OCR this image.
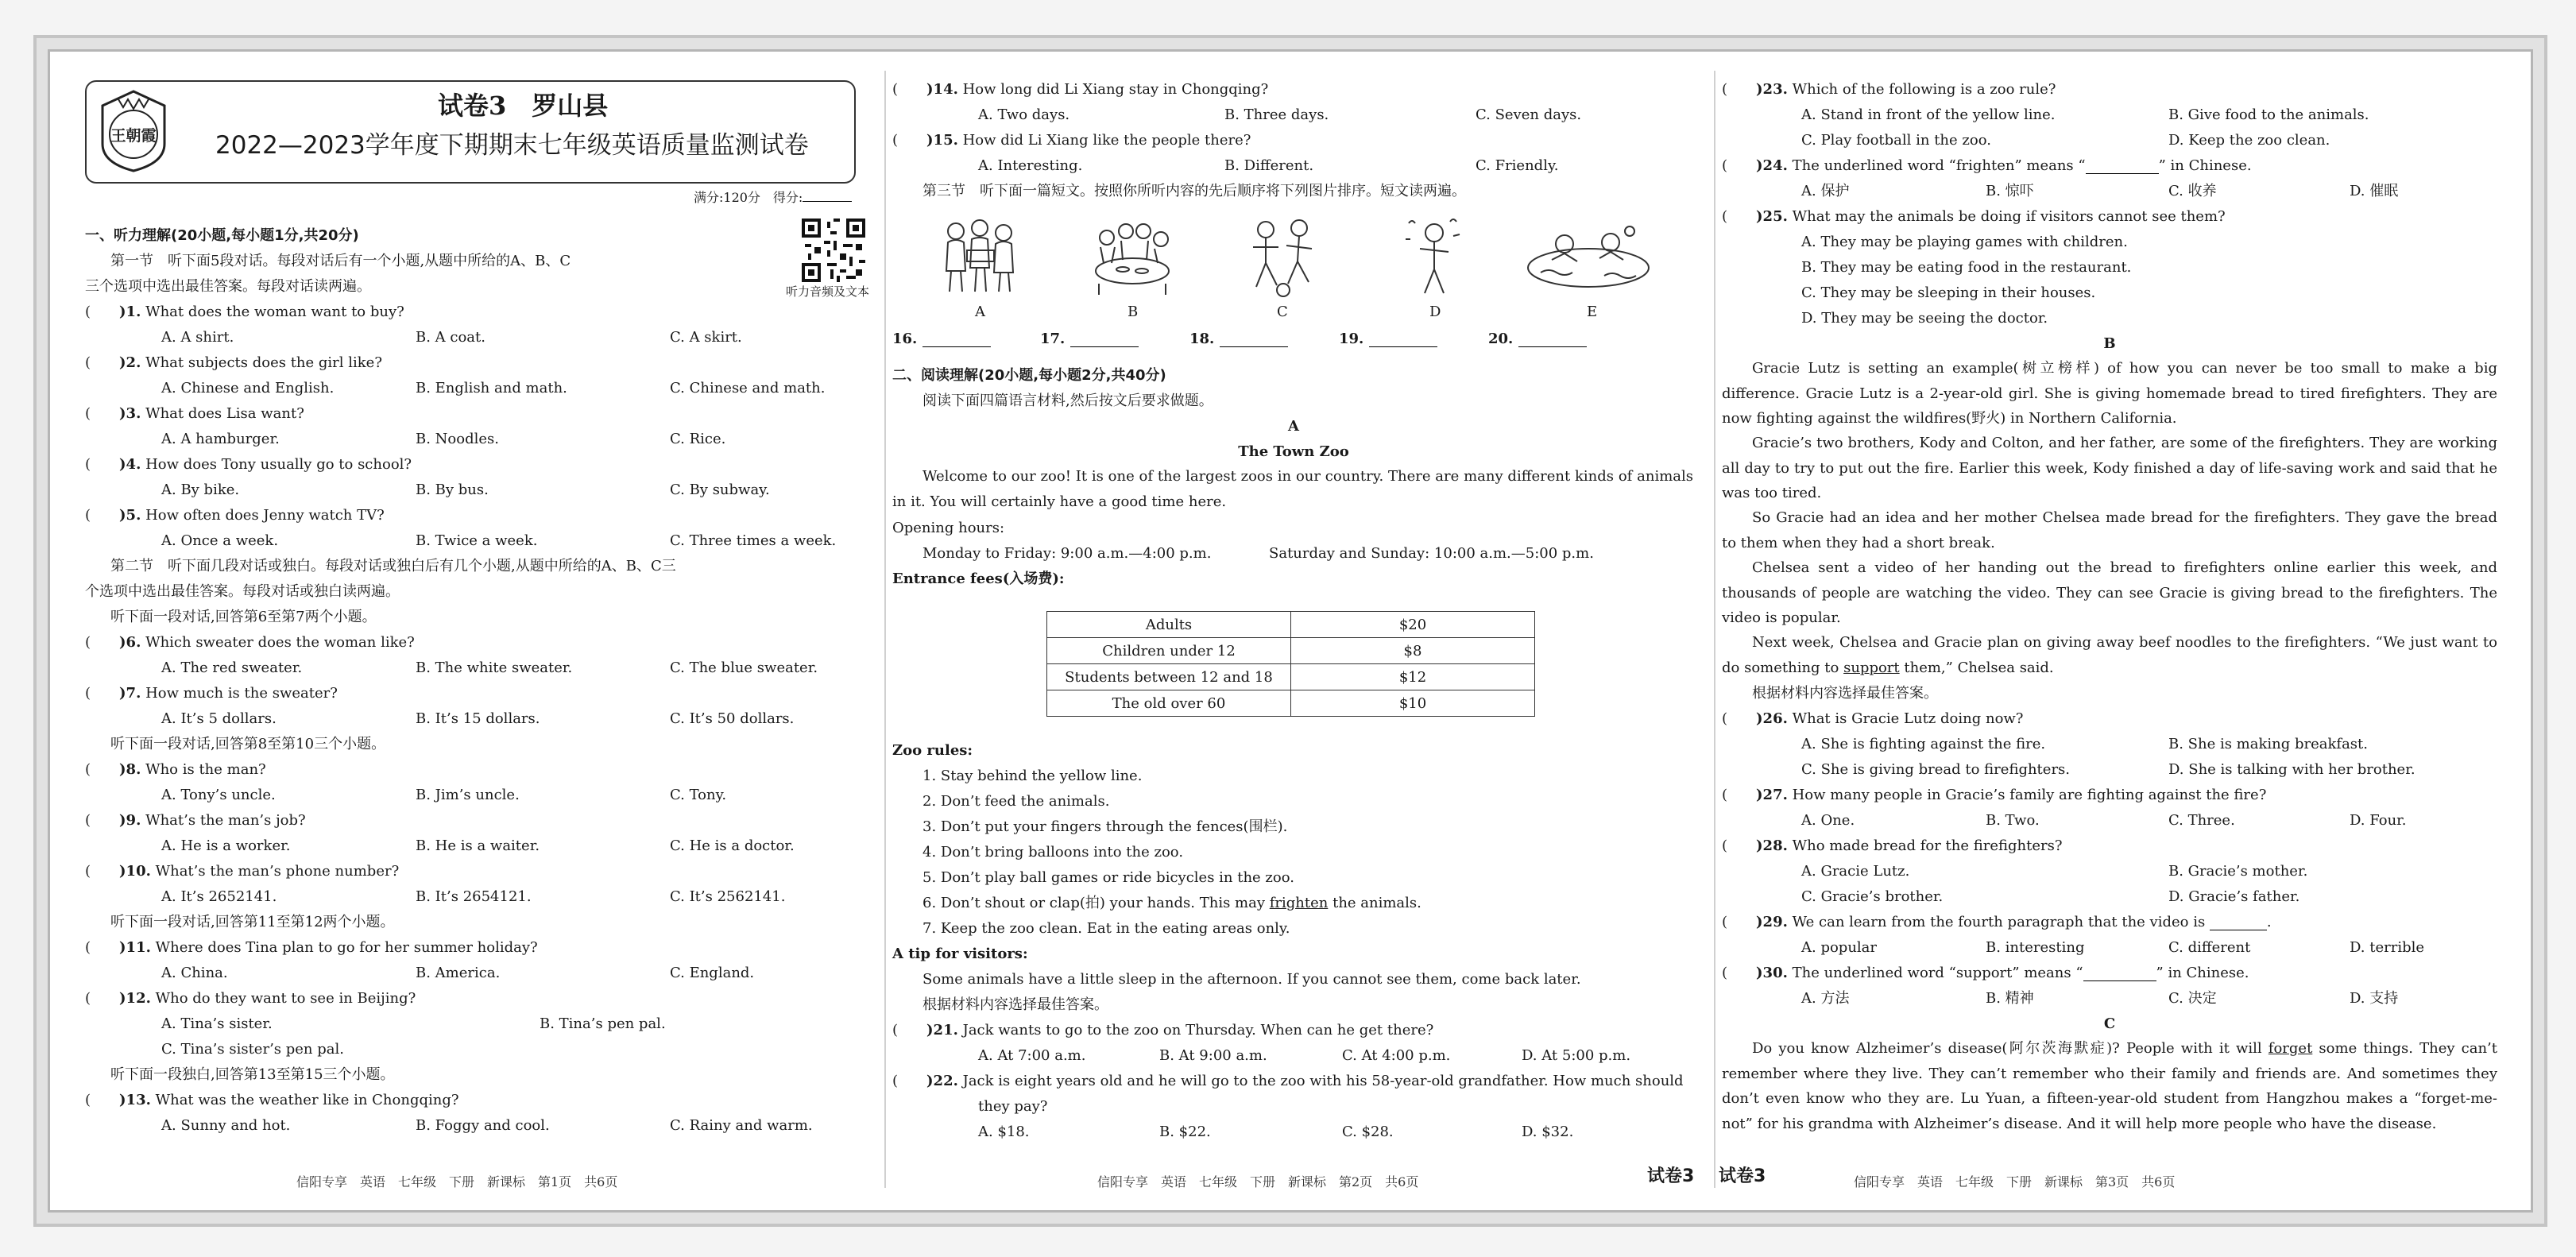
王朝霞
试卷3　 罗山县
2022—2023学年度下期期末七年级英语质量监测试卷
满分:120分　得分:
一、听力理解(20小题,每小题1分,共20分)
听力音频及文本
第一节　听下面5段对话。每段对话后有一个小题,从题中所给的A、B、C
三个选项中选出最佳答案。每段对话读两遍。
(　　)1. What does the woman want to buy?
A. A shirt.	B. A coat.	C. A skirt.
(　　)2. What subjects does the girl like?
A. Chinese and English.	B. English and math.	C. Chinese and math.
(　　)3. What does Lisa want?
A. A hamburger.	B. Noodles.	C. Rice.
(　　)4. How does Tony usually go to school?
A. By bike.	B. By bus.	C. By subway.
(　　)5. How often does Jenny watch TV?
A. Once a week.	B. Twice a week.	C. Three times a week.
第二节　听下面几段对话或独白。每段对话或独白后有几个小题,从题中所给的A、B、C三
个选项中选出最佳答案。每段对话或独白读两遍。
听下面一段对话,回答第6至第7两个小题。
(　　)6. Which sweater does the woman like?
A. The red sweater.	B. The white sweater.	C. The blue sweater.
(　　)7. How much is the sweater?
A. It’s 5 dollars.	B. It’s 15 dollars.	C. It’s 50 dollars.
听下面一段对话,回答第8至第10三个小题。
(　　)8. Who is the man?
A. Tony’s uncle.	B. Jim’s uncle.	C. Tony.
(　　)9. What’s the man’s job?
A. He is a worker.	B. He is a waiter.	C. He is a doctor.
(　　)10. What’s the man’s phone number?
A. It’s 2652141.	B. It’s 2654121.	C. It’s 2562141.
听下面一段对话,回答第11至第12两个小题。
(　　)11. Where does Tina plan to go for her summer holiday?
A. China.	B. America.	C. England.
(　　)12. Who do they want to see in Beijing?
A. Tina’s sister.	B. Tina’s pen pal.
C. Tina’s sister’s pen pal.
听下面一段独白,回答第13至第15三个小题。
(　　)13. What was the weather like in Chongqing?
A. Sunny and hot.	B. Foggy and cool.	C. Rainy and warm.
信阳专享　英语　七年级　下册　新课标　第1页　共6页
(　　)14. How long did Li Xiang stay in Chongqing?
A. Two days.	B. Three days.	C. Seven days.
(　　)15. How did Li Xiang like the people there?
A. Interesting.	B. Different.	C. Friendly.
第三节　听下面一篇短文。按照你所听内容的先后顺序将下列图片排序。短文读两遍。
A	B	C	D	E
16.	17.	18.	19.	20.
二、阅读理解(20小题,每小题2分,共40分)
阅读下面四篇语言材料,然后按文后要求做题。
A
The Town Zoo

Welcome to our zoo! It is one of the largest zoos in our country. There are many different kinds of animals in it. You will certainly have a good time here.

Opening hours:
Monday to Friday: 9:00 a.m.—4:00 p.m.	Saturday and Sunday: 10:00 a.m.—5:00 p.m.
Entrance fees(入场费):
Adults	$20
Children under 12	$8
Students between 12 and 18	$12
The old over 60	$10
Zoo rules:
1. Stay behind the yellow line.
2. Don’t feed the animals.
3. Don’t put your fingers through the fences(围栏).
4. Don’t bring balloons into the zoo.
5. Don’t play ball games or ride bicycles in the zoo.
6. Don’t shout or clap(拍) your hands. This may frighten the animals.
7. Keep the zoo clean. Eat in the eating areas only.
A tip for visitors:
Some animals have a little sleep in the afternoon. If you cannot see them, come back later.
根据材料内容选择最佳答案。
(　　)21. Jack wants to go to the zoo on Thursday. When can he get there?
A. At 7:00 a.m.	B. At 9:00 a.m.	C. At 4:00 p.m.	D. At 5:00 p.m.
(　　)22. Jack is eight years old and he will go to the zoo with his 58-year-old grandfather. How much should
they pay?
A. $18.	B. $22.	C. $28.	D. $32.
信阳专享　英语　七年级　下册　新课标　第2页　共6页	试卷3
(　　)23. Which of the following is a zoo rule?
A. Stand in front of the yellow line.	B. Give food to the animals.
C. Play football in the zoo.	D. Keep the zoo clean.
(　　)24. The underlined word “frighten” means “	” in Chinese.
A. 保护	B. 惊吓	C. 收养	D. 催眠
(　　)25. What may the animals be doing if visitors cannot see them?
A. They may be playing games with children.
B. They may be eating food in the restaurant.
C. They may be sleeping in their houses.
D. They may be seeing the doctor.
B

Gracie Lutz is setting an example(树立榜样) of how you can never be too small to make a big difference. Gracie Lutz is a 2-year-old girl. She is giving homemade bread to tired firefighters. They are now fighting against the wildfires(野火) in Northern California.

Gracie’s two brothers, Kody and Colton, and her father, are some of the firefighters. They are working all day to try to put out the fire. Earlier this week, Kody finished a day of life-saving work and said that he was too tired.

So Gracie had an idea and her mother Chelsea made bread for the firefighters. They gave the bread to them when they had a short break.

Chelsea sent a video of her handing out the bread to firefighters online earlier this week, and thousands of people are watching the video. They can see Gracie is giving bread to the firefighters. The video is popular.

Next week, Chelsea and Gracie plan on giving away beef noodles to the firefighters. “We just want to do something to support them,” Chelsea said.

根据材料内容选择最佳答案。
(　　)26. What is Gracie Lutz doing now?
A. She is fighting against the fire.	B. She is making breakfast.
C. She is giving bread to firefighters.	D. She is talking with her brother.
(　　)27. How many people in Gracie’s family are fighting against the fire?
A. One.	B. Two.	C. Three.	D. Four.
(　　)28. Who made bread for the firefighters?
A. Gracie Lutz.	B. Gracie’s mother.
C. Gracie’s brother.	D. Gracie’s father.
(　　)29. We can learn from the fourth paragraph that the video is	.
A. popular	B. interesting	C. different	D. terrible
(　　)30. The underlined word “support” means “	” in Chinese.
A. 方法	B. 精神	C. 决定	D. 支持
C

Do you know Alzheimer’s disease(阿尔茨海默症)? People with it will forget some things. They can’t remember where they live. They can’t remember who their family and friends are. And sometimes they don’t even know who they are. Lu Yuan, a fifteen-year-old student from Hangzhou makes a “forget-me-not” for his grandma with Alzheimer’s disease. And it will help more people who have the disease.

试卷3	信阳专享　英语　七年级　下册　新课标　第3页　共6页
